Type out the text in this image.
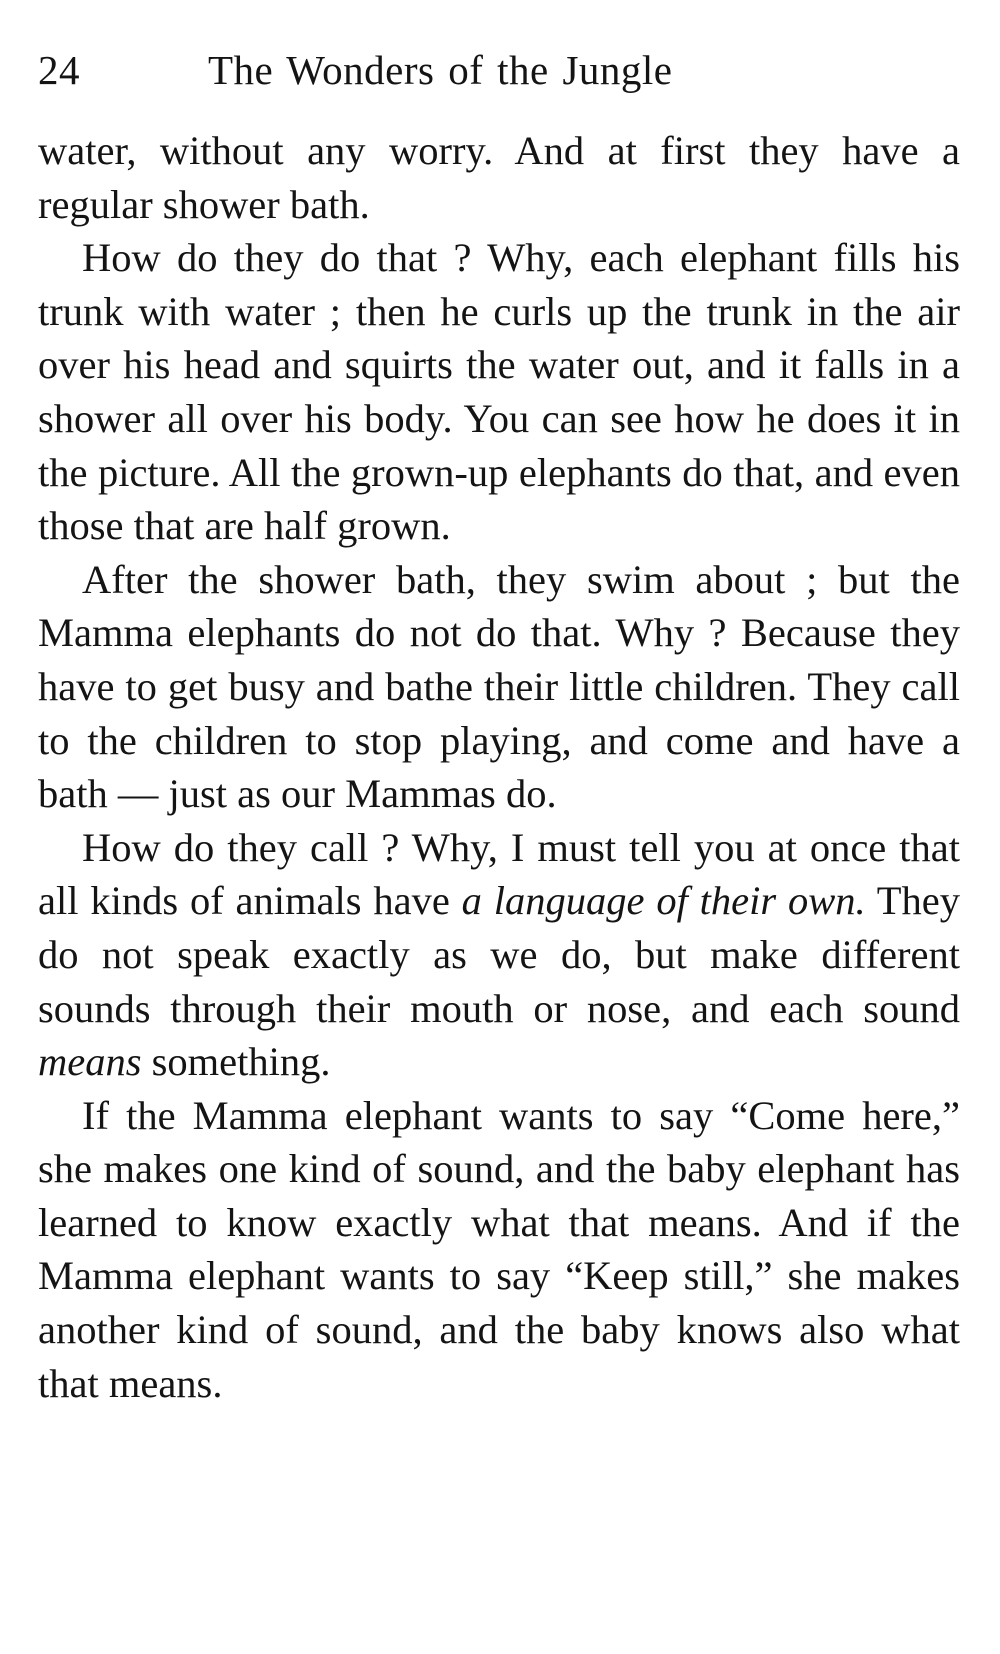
24	The Wonders of the Jungle

water, without any worry. And at first they have a regular shower bath.

How do they do that ? Why, each elephant fills his trunk with water ; then he curls up the trunk in the air over his head and squirts the water out, and it falls in a shower all over his body. You can see how he does it in the picture. All the grown-up elephants do that, and even those that are half grown.

After the shower bath, they swim about ; but the Mamma elephants do not do that. Why ? Because they have to get busy and bathe their little children. They call to the children to stop playing, and come and have a bath — just as our Mammas do.

How do they call ? Why, I must tell you at once that all kinds of animals have a language of their own. They do not speak exactly as we do, but make different sounds through their mouth or nose, and each sound means something.

If the Mamma elephant wants to say “Come here,” she makes one kind of sound, and the baby elephant has learned to know exactly what that means. And if the Mamma elephant wants to say “Keep still,” she makes another kind of sound, and the baby knows also what that means.
